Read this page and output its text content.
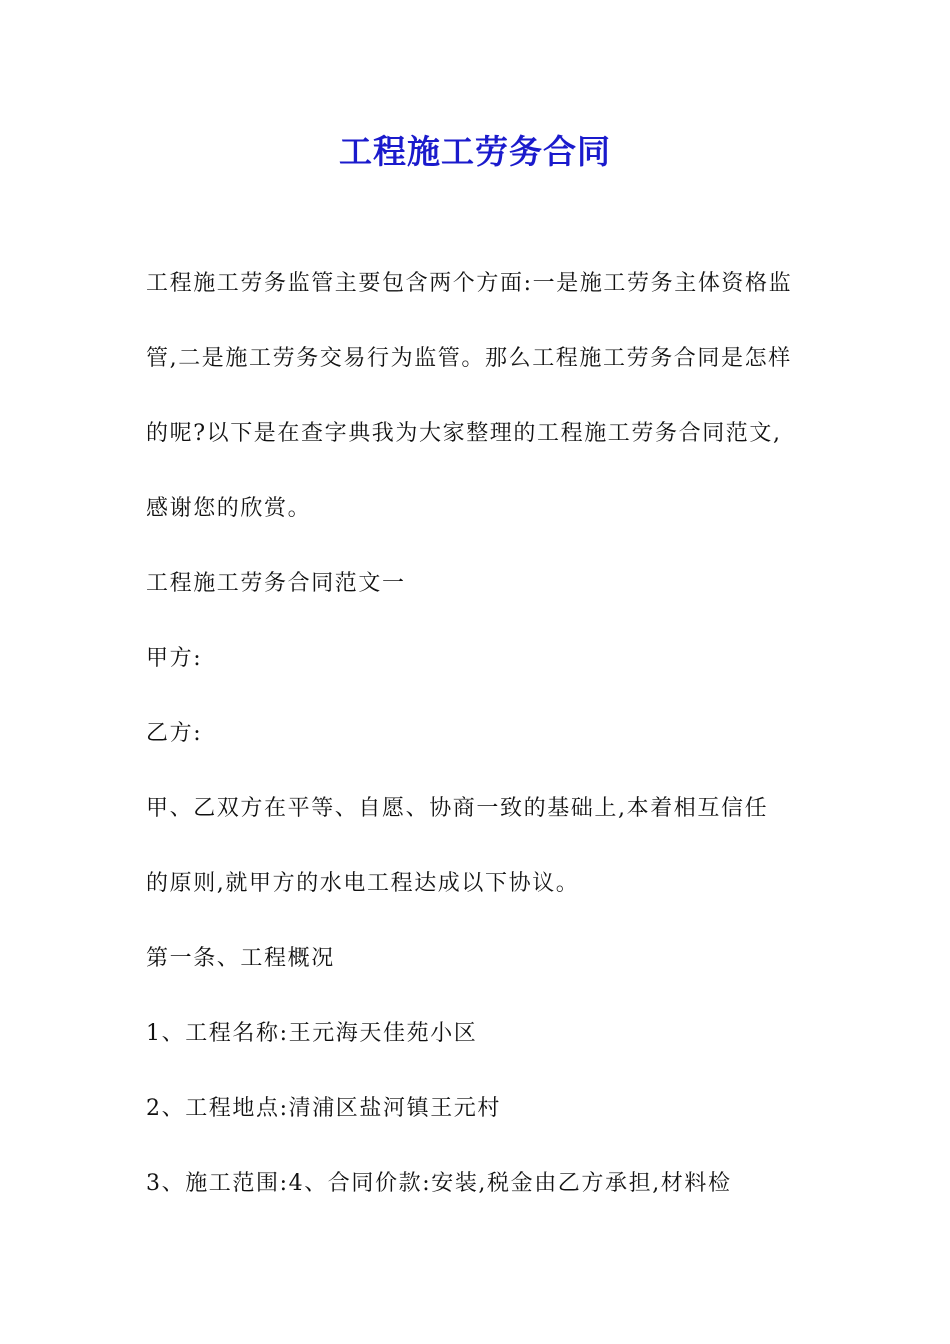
工程施工劳务合同
工程施工劳务监管主要包含两个方面:一是施工劳务主体资格监
管,二是施工劳务交易行为监管。那么工程施工劳务合同是怎样
的呢?以下是在查字典我为大家整理的工程施工劳务合同范文,
感谢您的欣赏。
工程施工劳务合同范文一
甲方:
乙方:
甲、乙双方在平等、自愿、协商一致的基础上,本着相互信任
的原则,就甲方的水电工程达成以下协议。
第一条、工程概况
1、工程名称:王元海天佳苑小区
2、工程地点:清浦区盐河镇王元村
3、施工范围:4、合同价款:安装,税金由乙方承担,材料检
